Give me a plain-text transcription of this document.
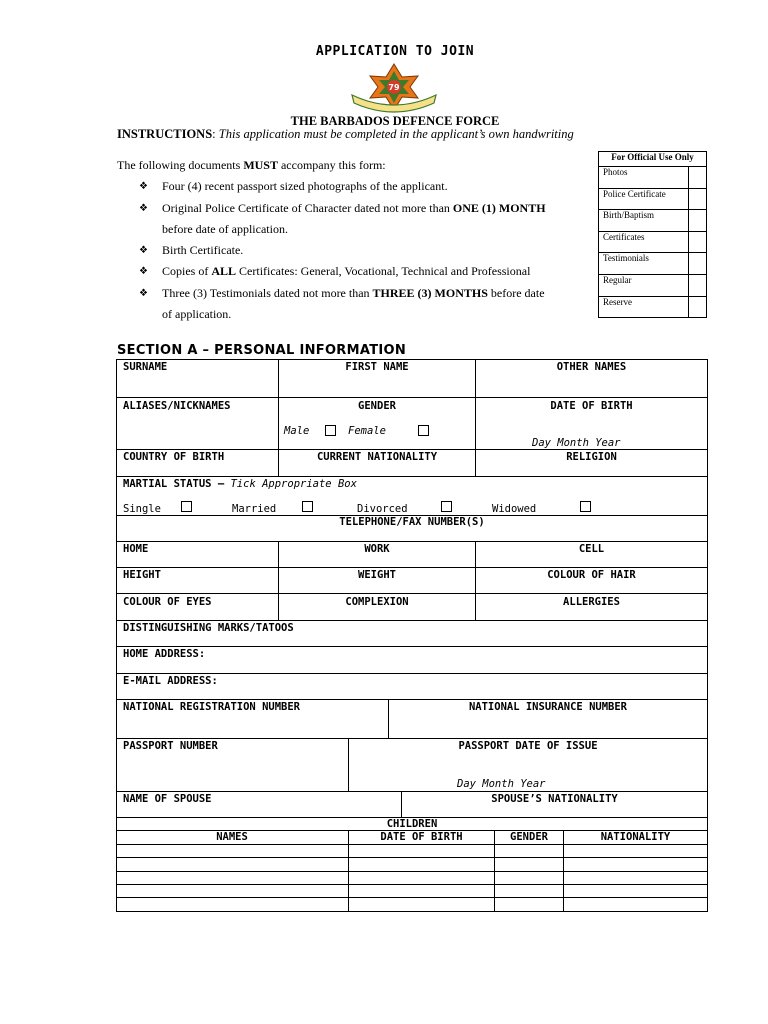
APPLICATION TO JOIN
79
THE BARBADOS DEFENCE FORCE
INSTRUCTIONS: This application must be completed in the applicant’s own handwriting
The following documents MUST accompany this form:
❖ Four (4) recent passport sized photographs of the applicant.
❖ Original Police Certificate of Character dated not more than ONE (1) MONTH
before date of application.
❖ Birth Certificate.
❖ Copies of ALL Certificates: General, Vocational, Technical and Professional
❖ Three (3) Testimonials dated not more than THREE (3) MONTHS before date
of application.
For Official Use Only	
Photos	
Police Certificate	
Birth/Baptism	
Certificates	
Testimonials	
Regular	
Reserve	
SECTION A – PERSONAL INFORMATION
SURNAME	FIRST NAME	OTHER NAMES
ALIASES/NICKNAMES	GENDER
Male	Female
DATE OF BIRTH
Day Month Year
COUNTRY OF BIRTH	CURRENT NATIONALITY	RELIGION
MARTIAL STATUS – Tick Appropriate Box
Single	Married	Divorced	Widowed
TELEPHONE/FAX NUMBER(S)
HOME	WORK	CELL
HEIGHT	WEIGHT	COLOUR OF HAIR
COLOUR OF EYES	COMPLEXION	ALLERGIES
DISTINGUISHING MARKS/TATOOS
HOME ADDRESS:
E-MAIL ADDRESS:
NATIONAL REGISTRATION NUMBER	NATIONAL INSURANCE NUMBER
PASSPORT NUMBER	PASSPORT DATE OF ISSUE
Day Month Year
NAME OF SPOUSE	SPOUSE’S NATIONALITY
CHILDREN
NAMES	DATE OF BIRTH	GENDER	NATIONALITY
